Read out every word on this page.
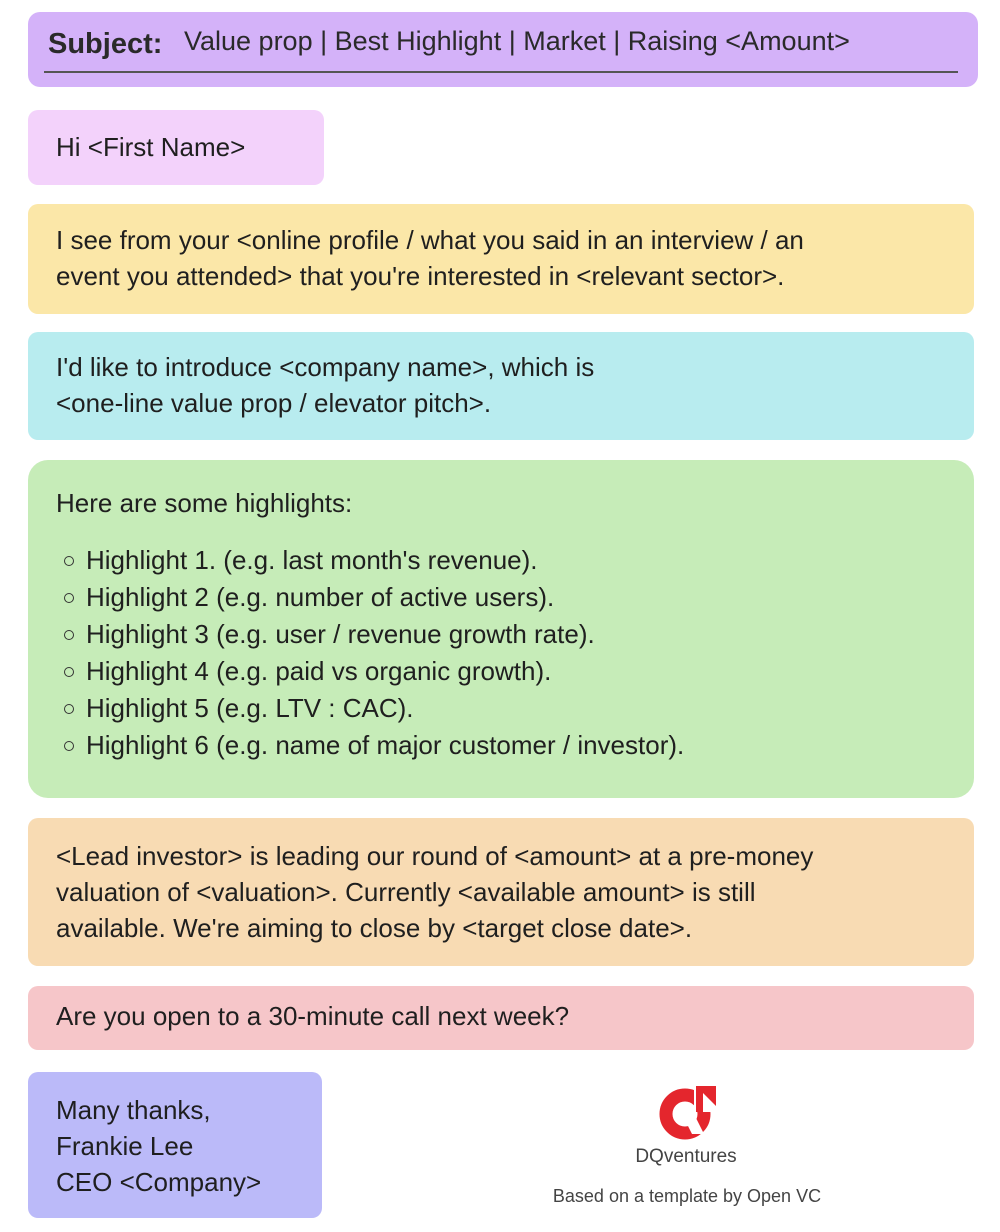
Subject: Value prop | Best Highlight | Market | Raising <Amount>
Hi <First Name>
I see from your <online profile / what you said in an interview / an
event you attended> that you're interested in <relevant sector>.
I'd like to introduce <company name>, which is
<one-line value prop / elevator pitch>.
Here are some highlights:
Highlight 1. (e.g. last month's revenue).
Highlight 2 (e.g. number of active users).
Highlight 3 (e.g. user / revenue growth rate).
Highlight 4 (e.g. paid vs organic growth).
Highlight 5 (e.g. LTV : CAC).
Highlight 6 (e.g. name of major customer / investor).
<Lead investor> is leading our round of <amount> at a pre-money
valuation of <valuation>. Currently <available amount> is still
available. We're aiming to close by <target close date>.
Are you open to a 30-minute call next week?
Many thanks,
Frankie Lee
CEO <Company>
DQventures
Based on a template by Open VC
